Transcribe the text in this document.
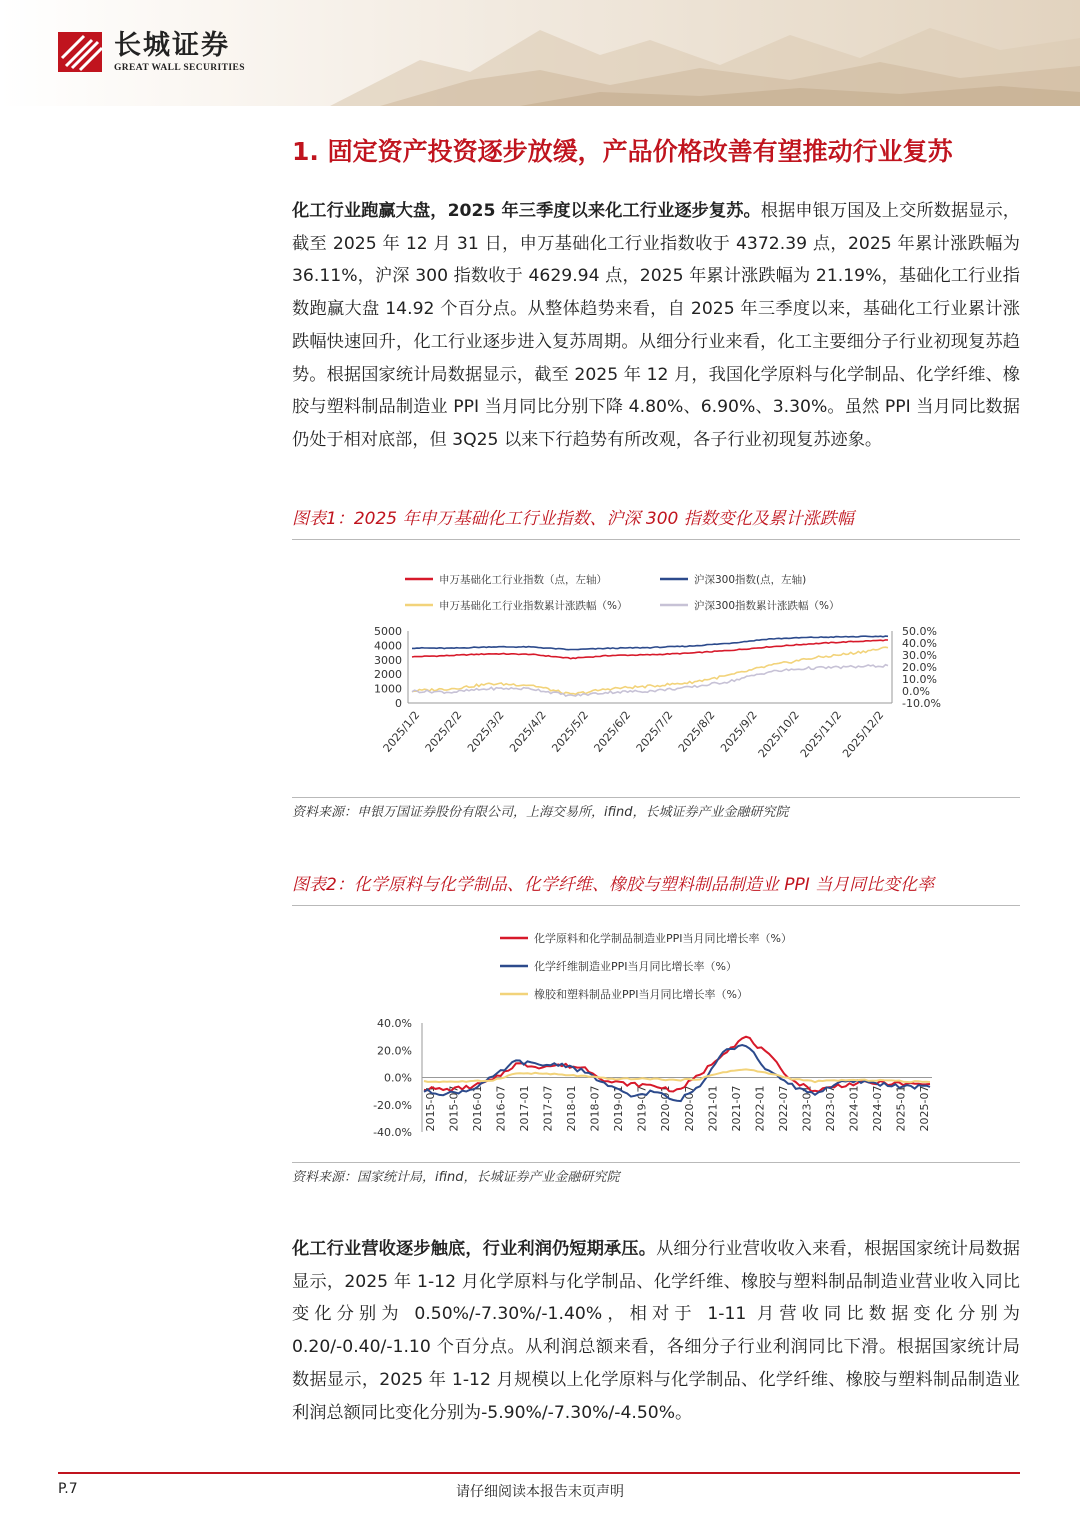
长城证券
GREAT WALL SECURITIES
1. 固定资产投资逐步放缓，产品价格改善有望推动行业复苏
化工行业跑赢大盘，2025 年三季度以来化工行业逐步复苏。根据申银万国及上交所数据显示，截至 2025 年 12 月 31 日，申万基础化工行业指数收于 4372.39 点，2025 年累计涨跌幅为 36.11%，沪深 300 指数收于 4629.94 点，2025 年累计涨跌幅为 21.19%，基础化工行业指数跑赢大盘 14.92 个百分点。从整体趋势来看，自 2025 年三季度以来，基础化工行业累计涨跌幅快速回升，化工行业逐步进入复苏周期。从细分行业来看，化工主要细分子行业初现复苏趋势。根据国家统计局数据显示，截至 2025 年 12 月，我国化学原料与化学制品、化学纤维、橡胶与塑料制品制造业 PPI 当月同比分别下降 4.80%、6.90%、3.30%。虽然 PPI 当月同比数据仍处于相对底部，但 3Q25 以来下行趋势有所改观，各子行业初现复苏迹象。
图表1：2025 年申万基础化工行业指数、沪深 300 指数变化及累计涨跌幅
申万基础化工行业指数（点，左轴）	沪深300指数(点，左轴)
申万基础化工行业指数累计涨跌幅（%）	沪深300指数累计涨跌幅（%）
0
1000
2000
3000
4000
5000
-10.0%
0.0%
10.0%
20.0%
30.0%
40.0%
50.0%
2025/1/2 2025/2/2 2025/3/2 2025/4/2 2025/5/2 2025/6/2 2025/7/2 2025/8/2 2025/9/2
2025/10/2
2025/11/2
2025/12/2
资料来源：申银万国证券股份有限公司，上海交易所，ifind，长城证券产业金融研究院
图表2：化学原料与化学制品、化学纤维、橡胶与塑料制品制造业 PPI 当月同比变化率
化学原料和化学制品制造业PPI当月同比增长率（%）
化学纤维制造业PPI当月同比增长率（%）
橡胶和塑料制品业PPI当月同比增长率（%）
-40.0%
-20.0%
0.0%
20.0%
40.0%
2015-01 2015-07 2016-01 2016-07 2017-01 2017-07 2018-01 2018-07 2019-01 2019-07 2020-01 2020-07 2021-01 2021-07 2022-01 2022-07 2023-01 2023-07 2024-01 2024-07 2025-01 2025-07
资料来源：国家统计局，ifind，长城证券产业金融研究院
化工行业营收逐步触底，行业利润仍短期承压。从细分行业营收收入来看，根据国家统计局数据显示，2025 年 1-12 月化学原料与化学制品、化学纤维、橡胶与塑料制品制造业营业收入同比变化分别为 0.50%/-7.30%/-1.40%，相对于 1-11 月营收同比数据变化分别为 0.20/-0.40/-1.10 个百分点。从利润总额来看，各细分子行业利润同比下滑。根据国家统计局数据显示，2025 年 1-12 月规模以上化学原料与化学制品、化学纤维、橡胶与塑料制品制造业利润总额同比变化分别为-5.90%/-7.30%/-4.50%。
P.7	请仔细阅读本报告末页声明
